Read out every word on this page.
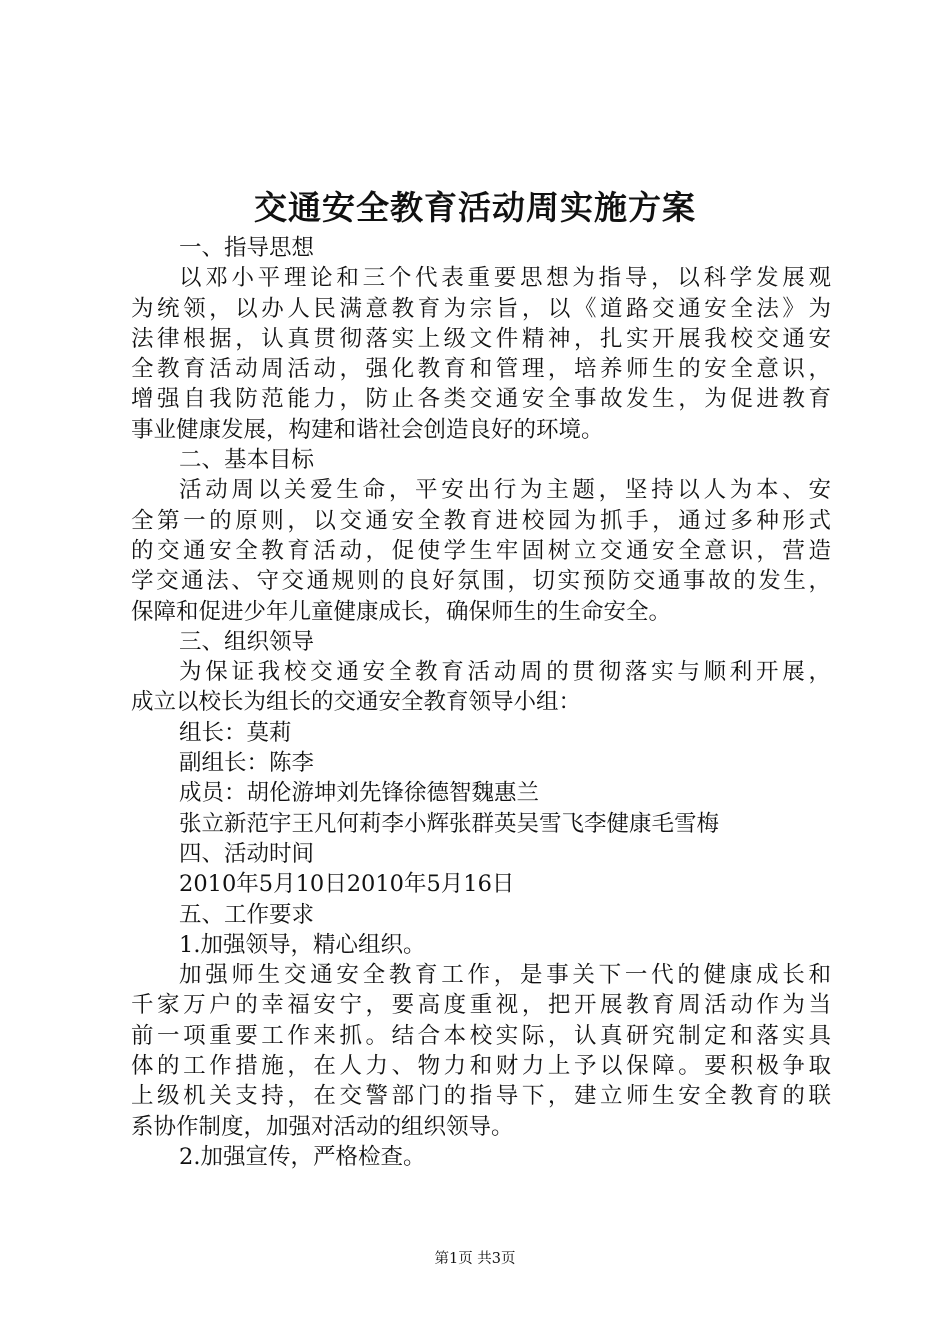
交通安全教育活动周实施方案
一、指导思想
以邓小平理论和三个代表重要思想为指导，以科学发展观
为统领，以办人民满意教育为宗旨，以《道路交通安全法》为
法律根据，认真贯彻落实上级文件精神，扎实开展我校交通安
全教育活动周活动，强化教育和管理，培养师生的安全意识，
增强自我防范能力，防止各类交通安全事故发生，为促进教育
事业健康发展，构建和谐社会创造良好的环境。
二、基本目标
活动周以关爱生命，平安出行为主题，坚持以人为本、安
全第一的原则，以交通安全教育进校园为抓手，通过多种形式
的交通安全教育活动，促使学生牢固树立交通安全意识，营造
学交通法、守交通规则的良好氛围，切实预防交通事故的发生，
保障和促进少年儿童健康成长，确保师生的生命安全。
三、组织领导
为保证我校交通安全教育活动周的贯彻落实与顺利开展，
成立以校长为组长的交通安全教育领导小组：
组长：莫莉
副组长：陈李
成员：胡伦游坤刘先锋徐德智魏惠兰
张立新范宇王凡何莉李小辉张群英吴雪飞李健康毛雪梅
四、活动时间
2010年5月10日2010年5月16日
五、工作要求
1.加强领导，精心组织。
加强师生交通安全教育工作，是事关下一代的健康成长和
千家万户的幸福安宁，要高度重视，把开展教育周活动作为当
前一项重要工作来抓。结合本校实际，认真研究制定和落实具
体的工作措施，在人力、物力和财力上予以保障。要积极争取
上级机关支持，在交警部门的指导下，建立师生安全教育的联
系协作制度，加强对活动的组织领导。
2.加强宣传，严格检查。
第1页 共3页
